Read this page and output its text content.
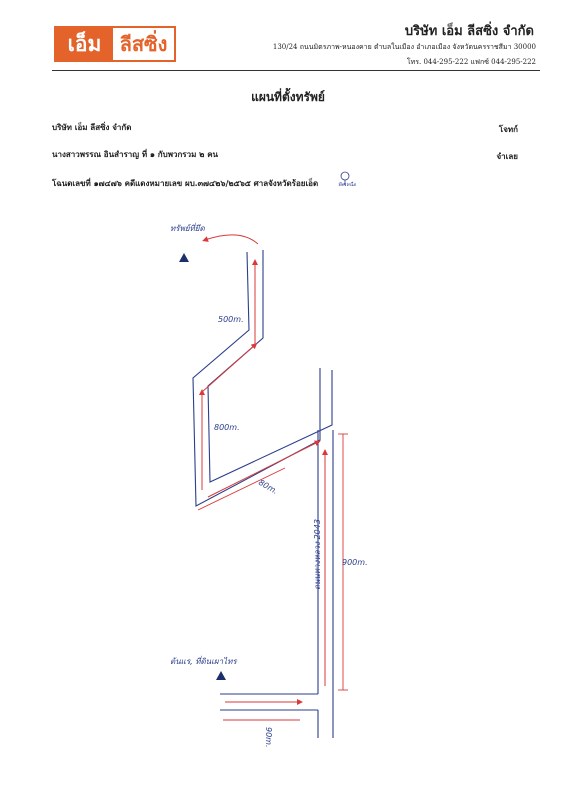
เอ็ม ลีสซิ่ง
บริษัท เอ็ม ลีสซิ่ง จำกัด
130/24 ถนนมิตรภาพ-หนองคาย ตำบลในเมือง อำเภอเมือง จังหวัดนครราชสีมา 30000
โทร. 044-295-222 แฟกซ์ 044-295-222
แผนที่ตั้งทรัพย์
บริษัท เอ็ม ลีสซิ่ง จำกัด	โจทก์
นางสาวพรรณ อินสำราญ ที่ ๑ กับพวกรวม ๒ คน	จำเลย
โฉนดเลขที่ ๑๗๔๗๖ คดีแดงหมายเลข ผบ.๓๗๔๒๖/๒๕๖๕ ศาลจังหวัดร้อยเอ็ด	ทิศเหนือ
ทรัพย์ที่ยึด
500m.
800m.
80m.
ถนนทางหลวง 2043	900m.
ต้นแร, ที่ดินเผาไทร
90m.
